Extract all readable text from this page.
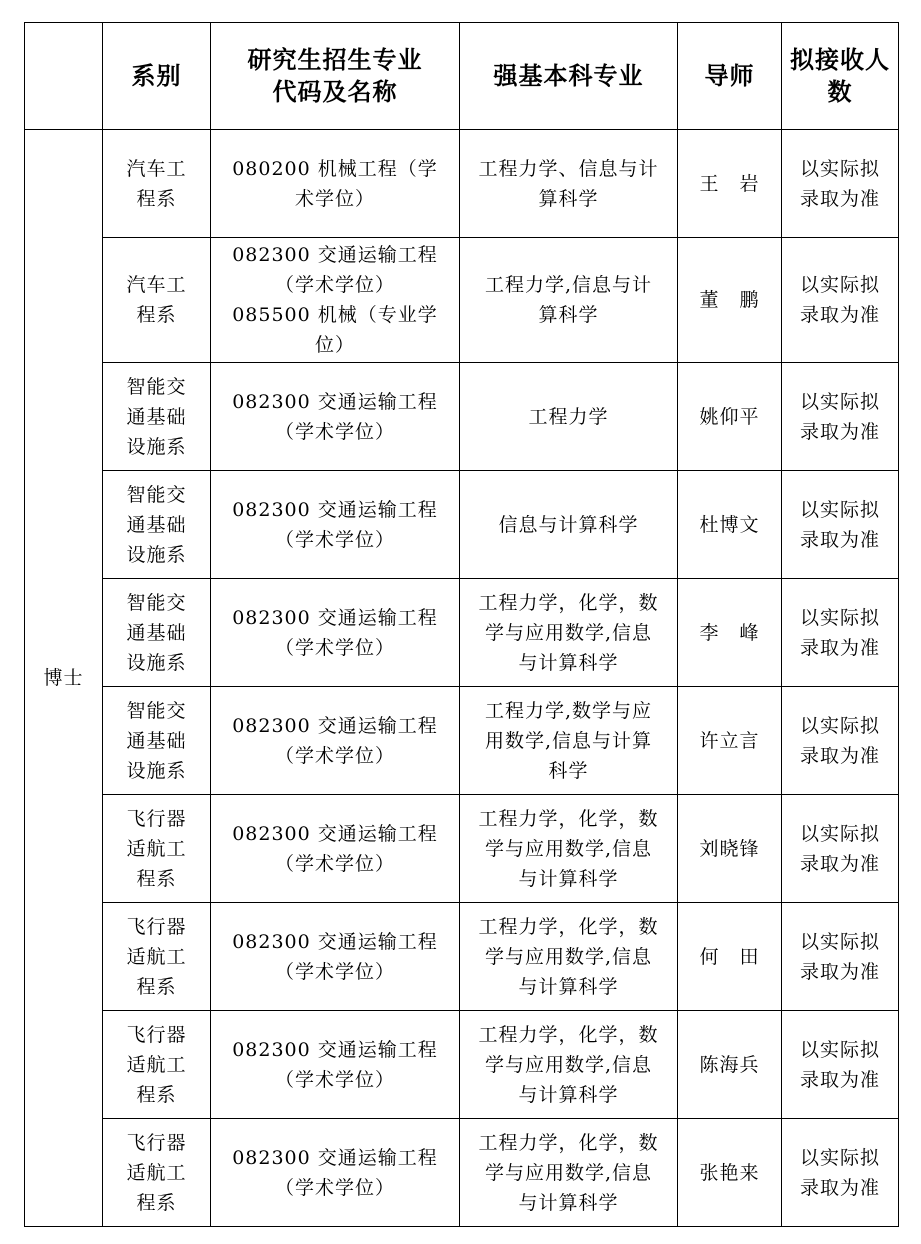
	系别	研究生招生专业
代码及名称	强基本科专业	导师	拟接收人
数

博士	汽车工
程系	080200 机械工程（学
术学位）	工程力学、信息与计
算科学	王　岩	以实际拟
录取为准

	汽车工
程系	082300 交通运输工程
（学术学位）
085500 机械（专业学
位）	工程力学,信息与计
算科学	董　鹏	以实际拟
录取为准

	智能交
通基础
设施系	082300 交通运输工程
（学术学位）	工程力学	姚仰平	以实际拟
录取为准

	智能交
通基础
设施系	082300 交通运输工程
（学术学位）	信息与计算科学	杜博文	以实际拟
录取为准

	智能交
通基础
设施系	082300 交通运输工程
（学术学位）	工程力学，化学，数
学与应用数学,信息
与计算科学	李　峰	以实际拟
录取为准

	智能交
通基础
设施系	082300 交通运输工程
（学术学位）	工程力学,数学与应
用数学,信息与计算
科学	许立言	以实际拟
录取为准

	飞行器
适航工
程系	082300 交通运输工程
（学术学位）	工程力学，化学，数
学与应用数学,信息
与计算科学	刘晓锋	以实际拟
录取为准

	飞行器
适航工
程系	082300 交通运输工程
（学术学位）	工程力学，化学，数
学与应用数学,信息
与计算科学	何　田	以实际拟
录取为准

	飞行器
适航工
程系	082300 交通运输工程
（学术学位）	工程力学，化学，数
学与应用数学,信息
与计算科学	陈海兵	以实际拟
录取为准

	飞行器
适航工
程系	082300 交通运输工程
（学术学位）	工程力学，化学，数
学与应用数学,信息
与计算科学	张艳来	以实际拟
录取为准
